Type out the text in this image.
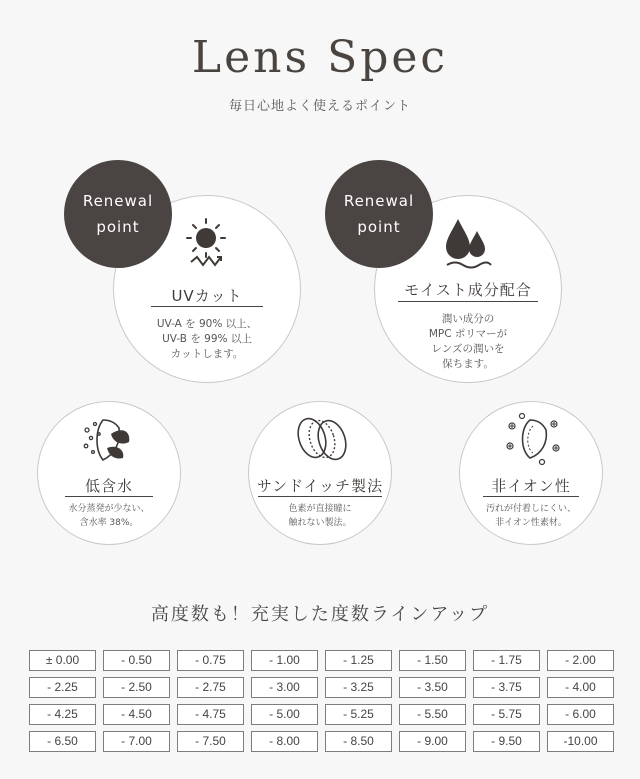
Lens Spec
毎日心地よく使えるポイント
Renewal
point
UVカット
UV-A を 90% 以上、
UV-B を 99% 以上
カットします。
Renewal
point
モイスト成分配合
潤い成分の
MPC ポリマーが
レンズの潤いを
保ちます。
低含水
水分蒸発が少ない、
含水率 38%。
サンドイッチ製法
色素が直接瞳に
触れない製法。
非イオン性
汚れが付着しにくい、
非イオン性素材。
高度数も！充実した度数ラインアップ
± 0.00	- 0.50	- 0.75	- 1.00	- 1.25	- 1.50	- 1.75	- 2.00
- 2.25	- 2.50	- 2.75	- 3.00	- 3.25	- 3.50	- 3.75	- 4.00
- 4.25	- 4.50	- 4.75	- 5.00	- 5.25	- 5.50	- 5.75	- 6.00
- 6.50	- 7.00	- 7.50	- 8.00	- 8.50	- 9.00	- 9.50	-10.00
